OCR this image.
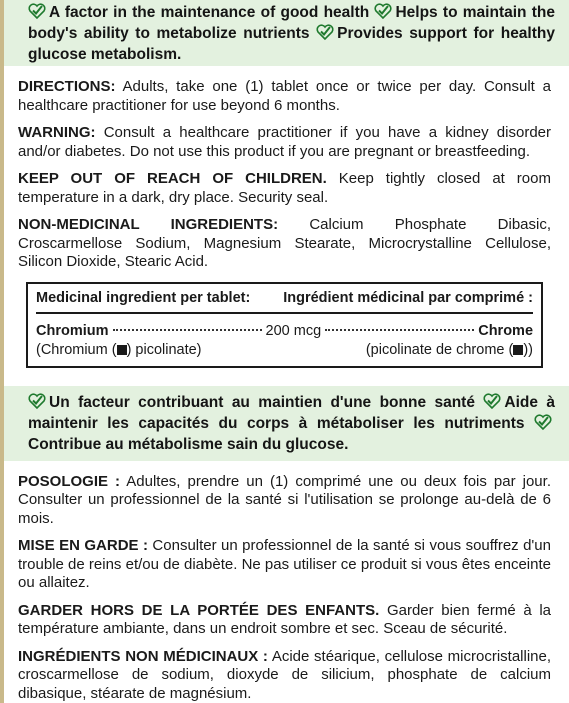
A factor in the maintenance of good health Helps to maintain the body's ability to metabolize nutrients Provides support for healthy glucose metabolism.
DIRECTIONS: Adults, take one (1) tablet once or twice per day. Consult a healthcare practitioner for use beyond 6 months.
WARNING: Consult a healthcare practitioner if you have a kidney disorder and/or diabetes. Do not use this product if you are pregnant or breastfeeding.
KEEP OUT OF REACH OF CHILDREN. Keep tightly closed at room temperature in a dark, dry place. Security seal.
NON-MEDICINAL INGREDIENTS: Calcium Phosphate Dibasic, Croscarmellose Sodium, Magnesium Stearate, Microcrystalline Cellulose, Silicon Dioxide, Stearic Acid.
Medicinal ingredient per tablet: Ingrédient médicinal par comprimé :
Chromium	200 mcg	Chrome
(Chromium ( ) picolinate)	(picolinate de chrome ( ))
Un facteur contribuant au maintien d'une bonne santé Aide à maintenir les capacités du corps à métaboliser les nutriments
Contribue au métabolisme sain du glucose.
POSOLOGIE : Adultes, prendre un (1) comprimé une ou deux fois par jour. Consulter un professionnel de la santé si l'utilisation se prolonge au-delà de 6 mois.
MISE EN GARDE : Consulter un professionnel de la santé si vous souffrez d'un trouble de reins et/ou de diabète. Ne pas utiliser ce produit si vous êtes enceinte ou allaitez.
GARDER HORS DE LA PORTÉE DES ENFANTS. Garder bien fermé à la température ambiante, dans un endroit sombre et sec. Sceau de sécurité.
INGRÉDIENTS NON MÉDICINAUX : Acide stéarique, cellulose microcristalline, croscarmellose de sodium, dioxyde de silicium, phosphate de calcium dibasique, stéarate de magnésium.
